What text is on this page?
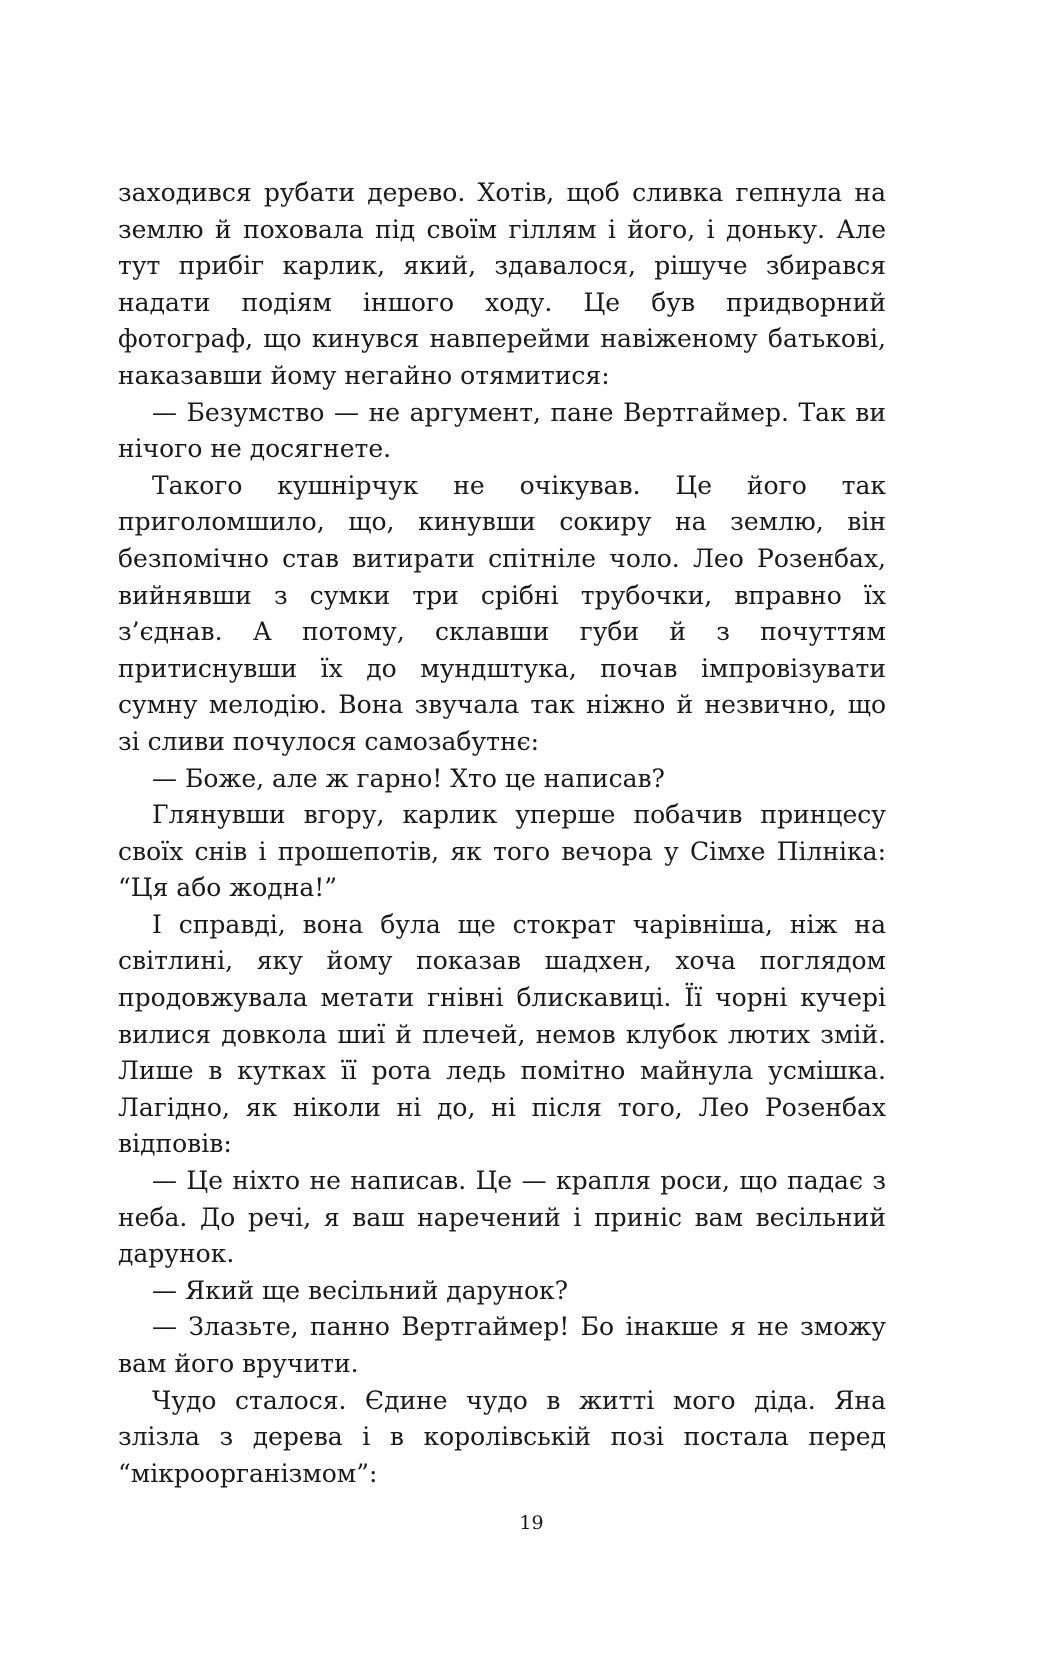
заходився рубати дерево. Хотів, щоб сливка гепнула на землю й поховала під своїм гіллям і його, і доньку. Але тут прибіг карлик, який, здавалося, рішуче збирався надати подіям іншого ходу. Це був придворний фотограф, що кинувся навперейми навіженому батькові, наказавши йому негайно отямитися:

— Безумство — не аргумент, пане Вертгаймер. Так ви нічого не досягнете.

Такого кушнірчук не очікував. Це його так приголомшило, що, кинувши сокиру на землю, він безпомічно став витирати спітніле чоло. Лео Розенбах, вийнявши з сумки три срібні трубочки, вправно їх з’єднав. А потому, склавши губи й з почуттям притиснувши їх до мундштука, почав імпровізувати сумну мелодію. Вона звучала так ніжно й незвично, що зі сливи почулося самозабутнє:

— Боже, але ж гарно! Хто це написав?

Глянувши вгору, карлик уперше побачив принцесу своїх снів і прошепотів, як того вечора у Сімхе Пілніка: “Ця або жодна!”

І справді, вона була ще стократ чарівніша, ніж на світлині, яку йому показав шадхен, хоча поглядом продовжувала метати гнівні блискавиці. Її чорні кучері вилися довкола шиї й плечей, немов клубок лютих змій. Лише в кутках її рота ледь помітно майнула усмішка. Лагідно, як ніколи ні до, ні після того, Лео Розенбах відповів:

— Це ніхто не написав. Це — крапля роси, що падає з неба. До речі, я ваш наречений і приніс вам весільний дарунок.

— Який ще весільний дарунок?

— Злазьте, панно Вертгаймер! Бо інакше я не зможу вам його вручити.

Чудо сталося. Єдине чудо в житті мого діда. Яна злізла з дерева і в королівській позі постала перед “мікроорганізмом”:

19
